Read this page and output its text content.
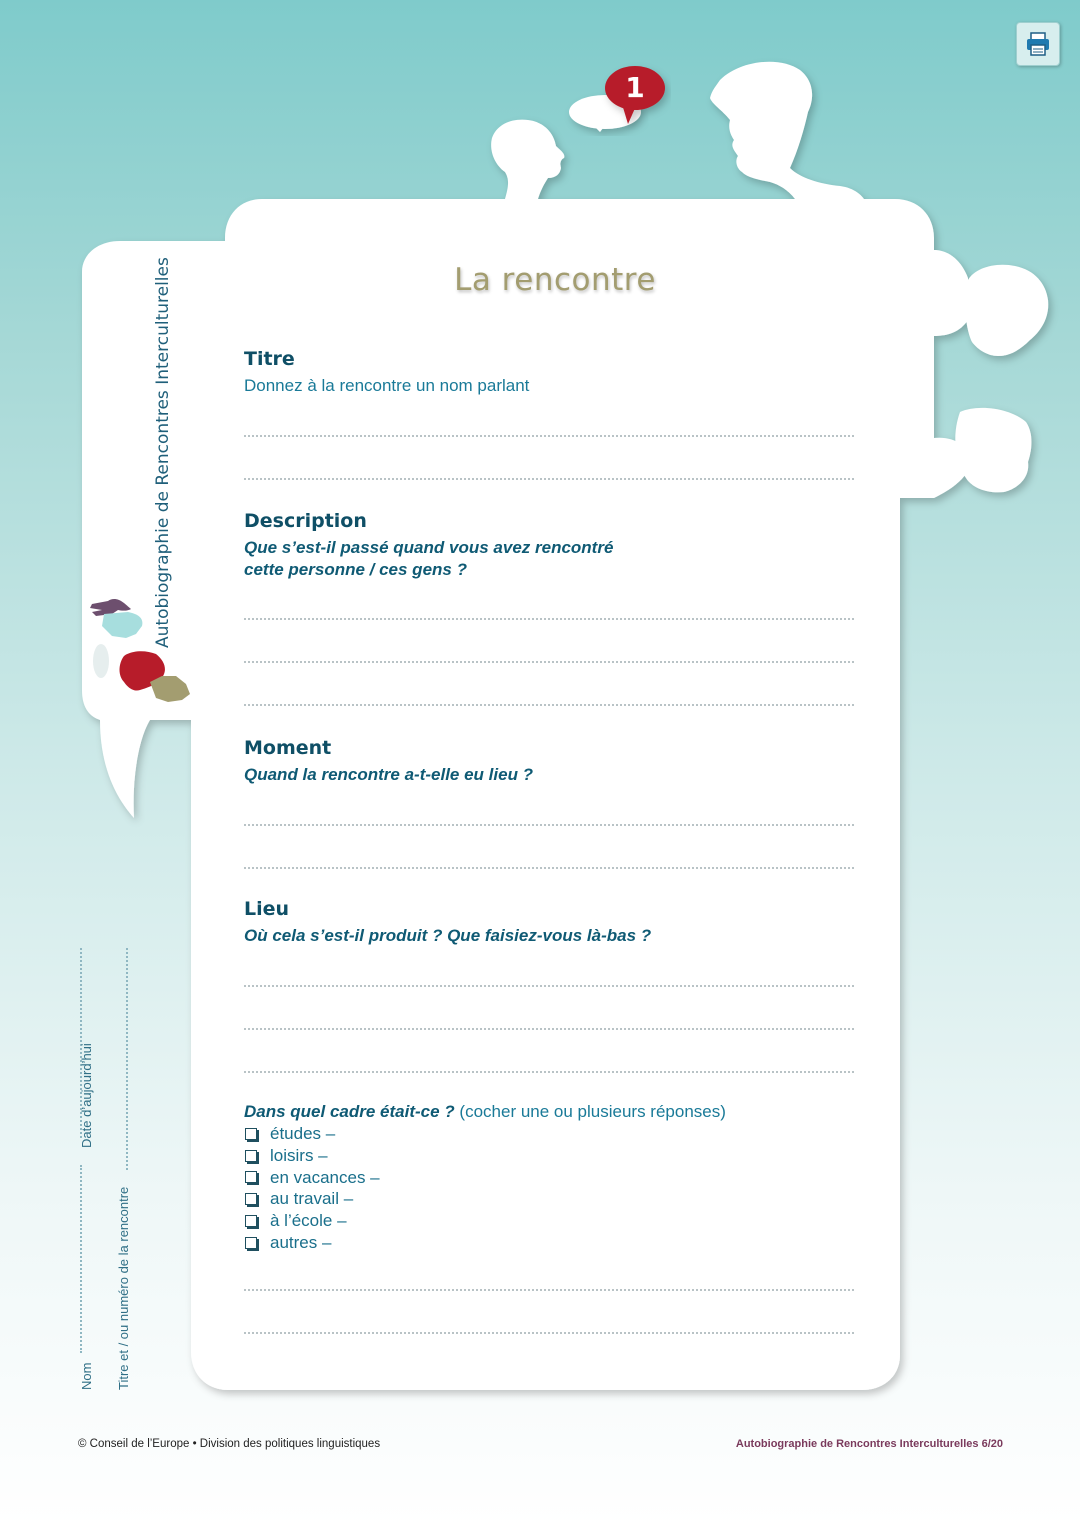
1
La rencontre
Autobiographie de Rencontres Interculturelles	Titre

Donnez à la rencontre un nom parlant

Description

Que s’est-il passé quand vous avez rencontré

cette personne / ces gens ?

Moment

Quand la rencontre a-t-elle eu lieu ?

Lieu

Où cela s’est-il produit ? Que faisiez-vous là-bas ?

Dans quel cadre était-ce ? (cocher une ou plusieurs réponses)

études –
loisirs –
en vacances –
au travail –
à l’école –
autres –
Date d’aujourd’hui
Nom Titre et / ou numéro de la rencontre
© Conseil de l’Europe • Division des politiques linguistiques	Autobiographie de Rencontres Interculturelles 6/20
